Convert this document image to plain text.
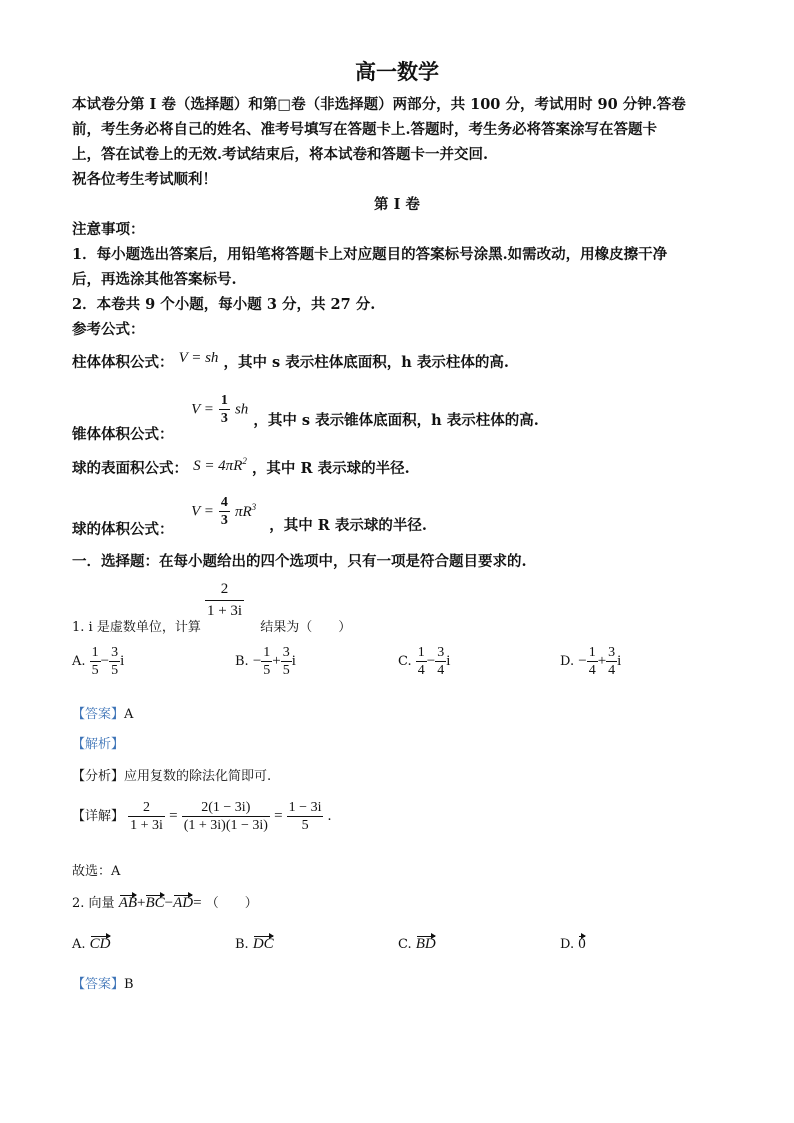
高一数学
本试卷分第 I 卷（选择题）和第□卷（非选择题）两部分，共 100 分，考试用时 90 分钟.答卷
前，考生务必将自己的姓名、准考号填写在答题卡上.答题时，考生务必将答案涂写在答题卡
上，答在试卷上的无效.考试结束后，将本试卷和答题卡一并交回.
祝各位考生考试顺利！
第 I 卷
注意事项：
1．每小题选出答案后，用铅笔将答题卡上对应题目的答案标号涂黑.如需改动，用橡皮擦干净
后，再选涂其他答案标号.
2．本卷共 9 个小题，每小题 3 分，共 27 分.
参考公式：
柱体体积公式： V = sh ，其中 s 表示柱体底面积，h 表示柱体的高.
锥体体积公式： $V = \frac{1}{3}$ sh ，其中 s 表示锥体底面积，h 表示柱体的高.
球的表面积公式： $S = 4\pi R^2$ ，其中 R 表示球的半径.
球的体积公式： $V = \frac{4}{3} \pi R^3$ ，其中 R 表示球的半径.
一．选择题：在每小题给出的四个选项中，只有一项是符合题目要求的.
1. i 是虚数单位，计算
$\frac{2}{1 + 3i}$
结果为（　　）
A. $\frac{1}{5} - \frac{3}{5}$ i	B. − $\frac{1}{5} + \frac{3}{5}$ i	C. $\frac{1}{4} - \frac{3}{4}$ i	D. − $\frac{1}{4} + \frac{3}{4}$ i
【答案】A
【解析】
【分析】应用复数的除法化简即可.
【详解】 $\frac{2}{1 + 3i} = \frac{2(1 - 3i)}{(1 + 3i)(1 - 3i)} = \frac{1 - 3i}{5}$ .
故选：A
2. 向量 AB+BC−AD= （　　）
A. CD	B. DC	C. BD	D. 0
【答案】B
